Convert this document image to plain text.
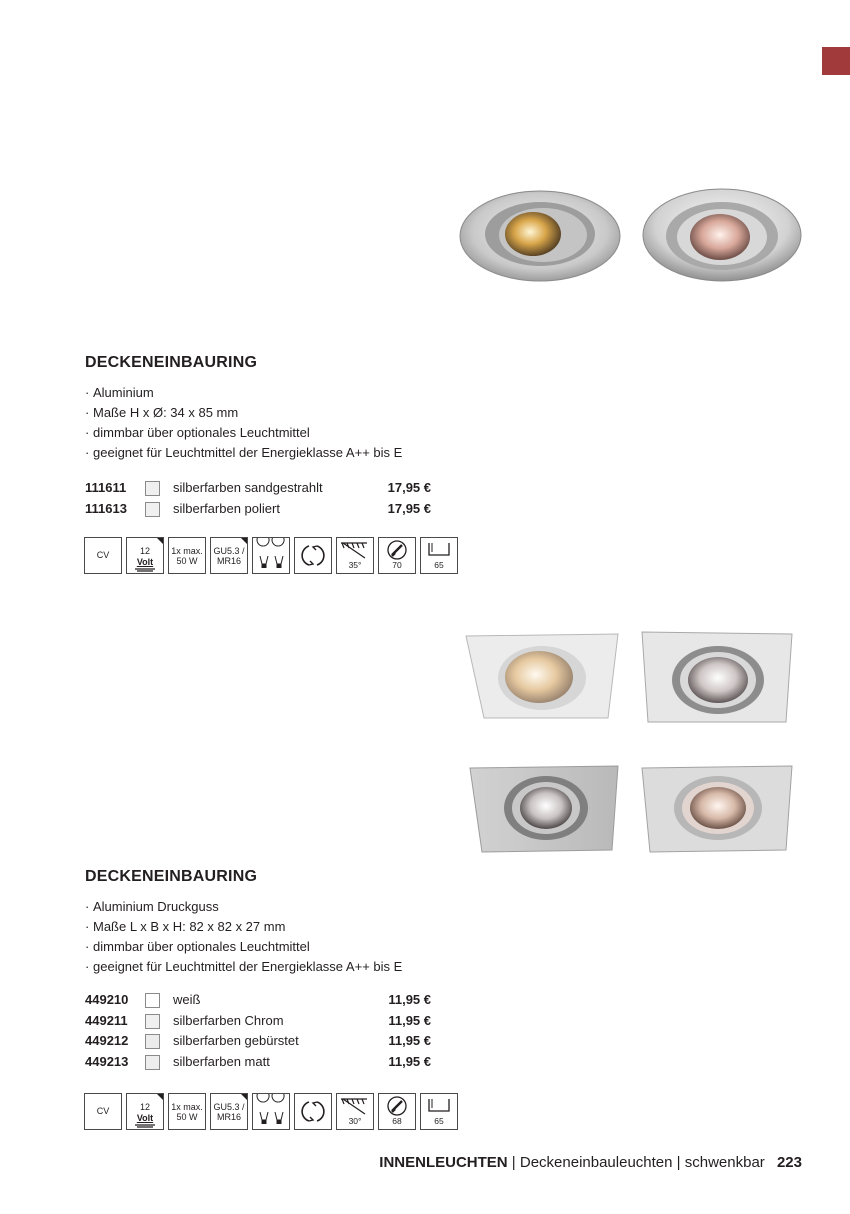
DECKENEINBAURING
· Aluminium
· Maße H x Ø: 34 x 85 mm
· dimmbar über optionales Leuchtmittel
· geeignet für Leuchtmittel der Energieklasse A++ bis E
111611	silberfarben sandgestrahlt	17,95 €
111613	silberfarben poliert	17,95 €
CV	12
Volt
1x max.
50 W
GU5.3 /
MR16	35°	70	65
DECKENEINBAURING
· Aluminium Druckguss
· Maße L x B x H: 82 x 82 x 27 mm
· dimmbar über optionales Leuchtmittel
· geeignet für Leuchtmittel der Energieklasse A++ bis E
449210	weiß	11,95 €
449211	silberfarben Chrom	11,95 €
449212	silberfarben gebürstet	11,95 €
449213	silberfarben matt	11,95 €
CV	12
Volt
1x max.
50 W
GU5.3 /
MR16	30°	68	65
INNENLEUCHTEN | Deckeneinbauleuchten | schwenkbar 223
